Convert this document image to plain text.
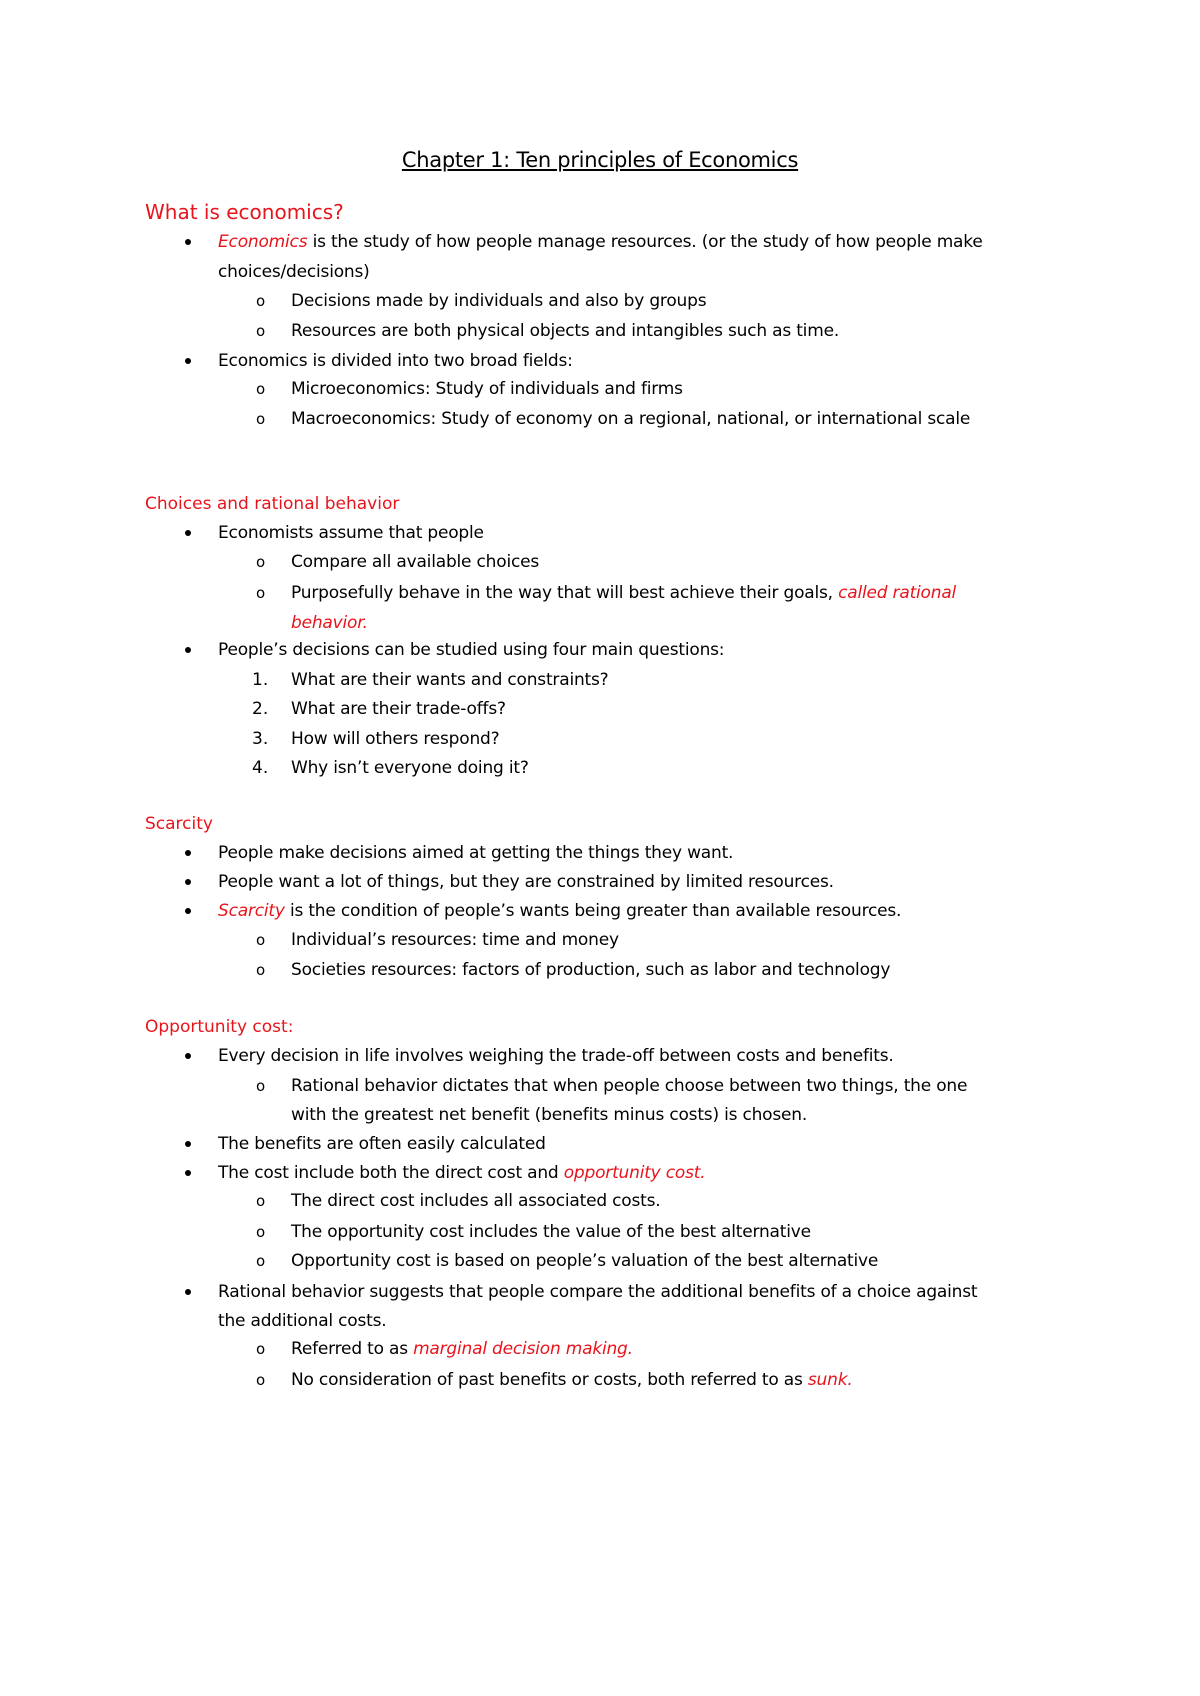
Chapter 1: Ten principles of Economics
What is economics?
Economics is the study of how people manage resources. (or the study of how people make
choices/decisions)
o Decisions made by individuals and also by groups
o Resources are both physical objects and intangibles such as time.
Economics is divided into two broad fields:
o Microeconomics: Study of individuals and firms
o Macroeconomics: Study of economy on a regional, national, or international scale
Choices and rational behavior
Economists assume that people
o Compare all available choices
o Purposefully behave in the way that will best achieve their goals, called rational
behavior.
People’s decisions can be studied using four main questions:
1. What are their wants and constraints?
2. What are their trade-offs?
3. How will others respond?
4. Why isn’t everyone doing it?
Scarcity
People make decisions aimed at getting the things they want.
People want a lot of things, but they are constrained by limited resources.
Scarcity is the condition of people’s wants being greater than available resources.
o Individual’s resources: time and money
o Societies resources: factors of production, such as labor and technology
Opportunity cost:
Every decision in life involves weighing the trade-off between costs and benefits.
o Rational behavior dictates that when people choose between two things, the one
with the greatest net benefit (benefits minus costs) is chosen.
The benefits are often easily calculated
The cost include both the direct cost and opportunity cost.
o The direct cost includes all associated costs.
o The opportunity cost includes the value of the best alternative
o Opportunity cost is based on people’s valuation of the best alternative
Rational behavior suggests that people compare the additional benefits of a choice against
the additional costs.
o Referred to as marginal decision making.
o No consideration of past benefits or costs, both referred to as sunk.
